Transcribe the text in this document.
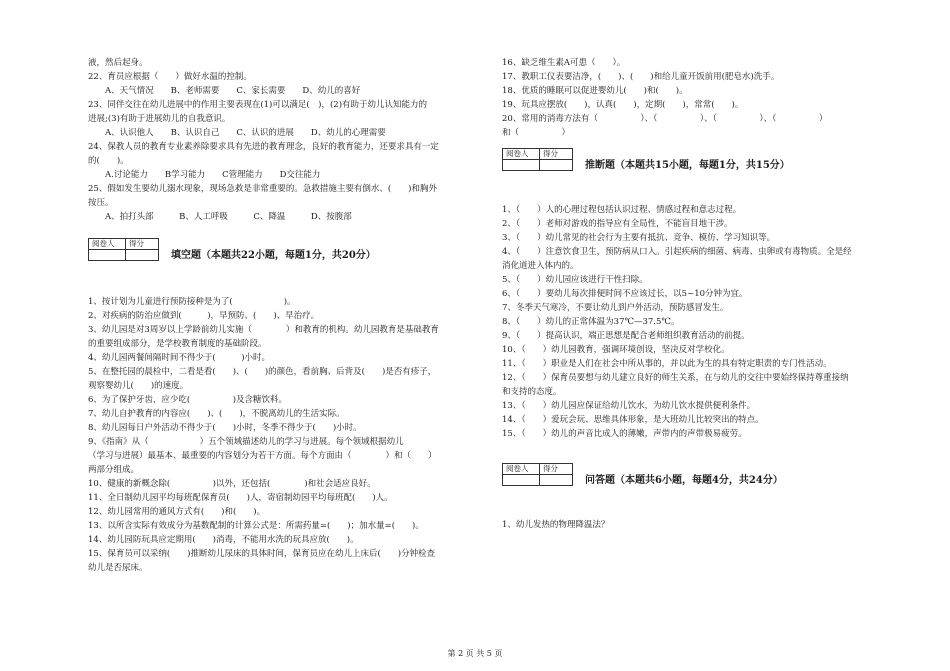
液，然后起身。
22、育员应根据（　　）做好水温的控制。
　　A、天气情况　　B、老师需要　　C、家长需要　　D、幼儿的喜好
23、同伴交往在幼儿进展中的作用主要表现在(1)可以满足(　)，(2)有助于幼儿认知能力的
进展;(3)有助于进展幼儿的自我意识。
　　A、认识他人　　B、认识自己　　C、认识的进展　　D、幼儿的心理需要
24、保教人员的教育专业素养除要求具有先进的教育理念，良好的教育能力，还要求具有一定
的(　　)。
　　A.讨论能力　　B学习能力　　C管理能力　　D交往能力
25、假如发生要幼儿溺水现象，现场急救是非常重要的。急救措施主要有倒水、(　　)和胸外
按压。
　　A、拍打头部　　　B、人工呼吸　　　C、降温　　　D、按腹部
阅卷人	得分

填空题（本题共22小题，每题1分，共20分）
1、按计划为儿童进行预防接种是为了(　　　　　　)。
2、对疾病的防治应做到(　　　)，早预防、(　　)、早治疗。
3、幼儿园是对3周岁以上学龄前幼儿实施（　　　　）和教育的机构。幼儿园教育是基础教育
的重要组成部分，是学校教育制度的基础阶段。
4、幼儿园两餐间隔时间不得少于(　　　)小时。
5、在整托园的晨检中，二看是看(　　)、(　　)的颜色，看前胸、后背及(　　)是否有疹子，
观察婴幼儿(　　)的速度。
6、为了保护牙齿，应少吃(　　　　　)及含糖饮料。
7、幼儿自护教育的内容应(　　)、(　　)，不脱离幼儿的生活实际。
8、幼儿园每日户外活动不得少于(　　)小时，冬季不得少于(　　)小时。
9、《指南》从（　　　　　　）五个领域描述幼儿的学习与进展。每个领域根据幼儿
（学习与进展）最基本、最重要的内容划分为若干方面。每个方面由（　　　　）和（　　）
两部分组成。
10、健康的新概念除(　　　　　)以外，还包括(　　　　)和社会适应良好。
11、全日制幼儿园平均每班配保育员(　　)人，寄宿制幼园平均每班配(　　)人。
12、幼儿园常用的通风方式有(　　)和(　　)。
13、以所含实际有效成分为基数配制的计算公式是：所需药量=(　　)；加水量=(　　)。
14、幼儿园防玩具应定期用(　　)消毒，不能用水洗的玩具应放(　　)。
15、保育员可以采纳(　　)推断幼儿尿床的具体时间，保育员应在幼儿上床后(　　)分钟检查
幼儿是否尿床。
16、缺乏维生素A可患（　　）。
17、教职工仪表要洁净，(　　)、(　　)和给儿童开饭前用(肥皂水)洗手。
18、优质的睡眠可以促进婴幼儿(　　)和(　　)。
19、玩具应摆放(　　)，认真(　　)，定期(　　)，常常(　　)。
20、常用的消毒方法有（　　　　　）、（　　　　　）、（　　　　　）、（　　　　　）
和（　　　　　）
阅卷人	得分

推断题（本题共15小题，每题1分，共15分）
1、（　　）人的心理过程包括认识过程、情感过程和意志过程。
2、（　　）老师对游戏的指导应有全局性，不能盲目地干涉。
3、（　　）幼儿常见的社会行为主要有抵抗、竞争、模仿、学习知识等。
4、（　　）注意饮食卫生，预防病从口入。引起疾病的细菌、病毒、虫卵或有毒物质。全是经
消化道进入体内的。
5、（　　）幼儿园应该进行干性扫除。
6、（　　）要幼儿每次排便时间不应该过长，以5~10分钟为宜。
7、冬季天气寒冷，不要让幼儿到户外活动，预防感冒发生。
8、（　　）幼儿的正常体温为37℃—37.5℃。
9、（　　）提高认识，端正思想是配合老师组织教育活动的前提。
10、（　　）幼儿园教育，强调环境创设，坚决反对学校化。
11、（　　）职业是人们在社会中所从事的，并以此为生的具有特定职责的专门性活动。
12、（　　）保育员要想与幼儿建立良好的师生关系，在与幼儿的交往中要始终保持尊重接纳
和支持的态度。
13、（　　）幼儿园应保证给幼儿饮水，为幼儿饮水提供便利条件。
14、（　　）爱玩会玩、思维具体形象，是大班幼儿比较突出的特点。
15、（　　）幼儿的声音比成人的薄嫩，声带内的声带极易疲劳。
阅卷人	得分

问答题（本题共6小题，每题4分，共24分）
1、幼儿发热的物理降温法？
第 2 页 共 5 页
